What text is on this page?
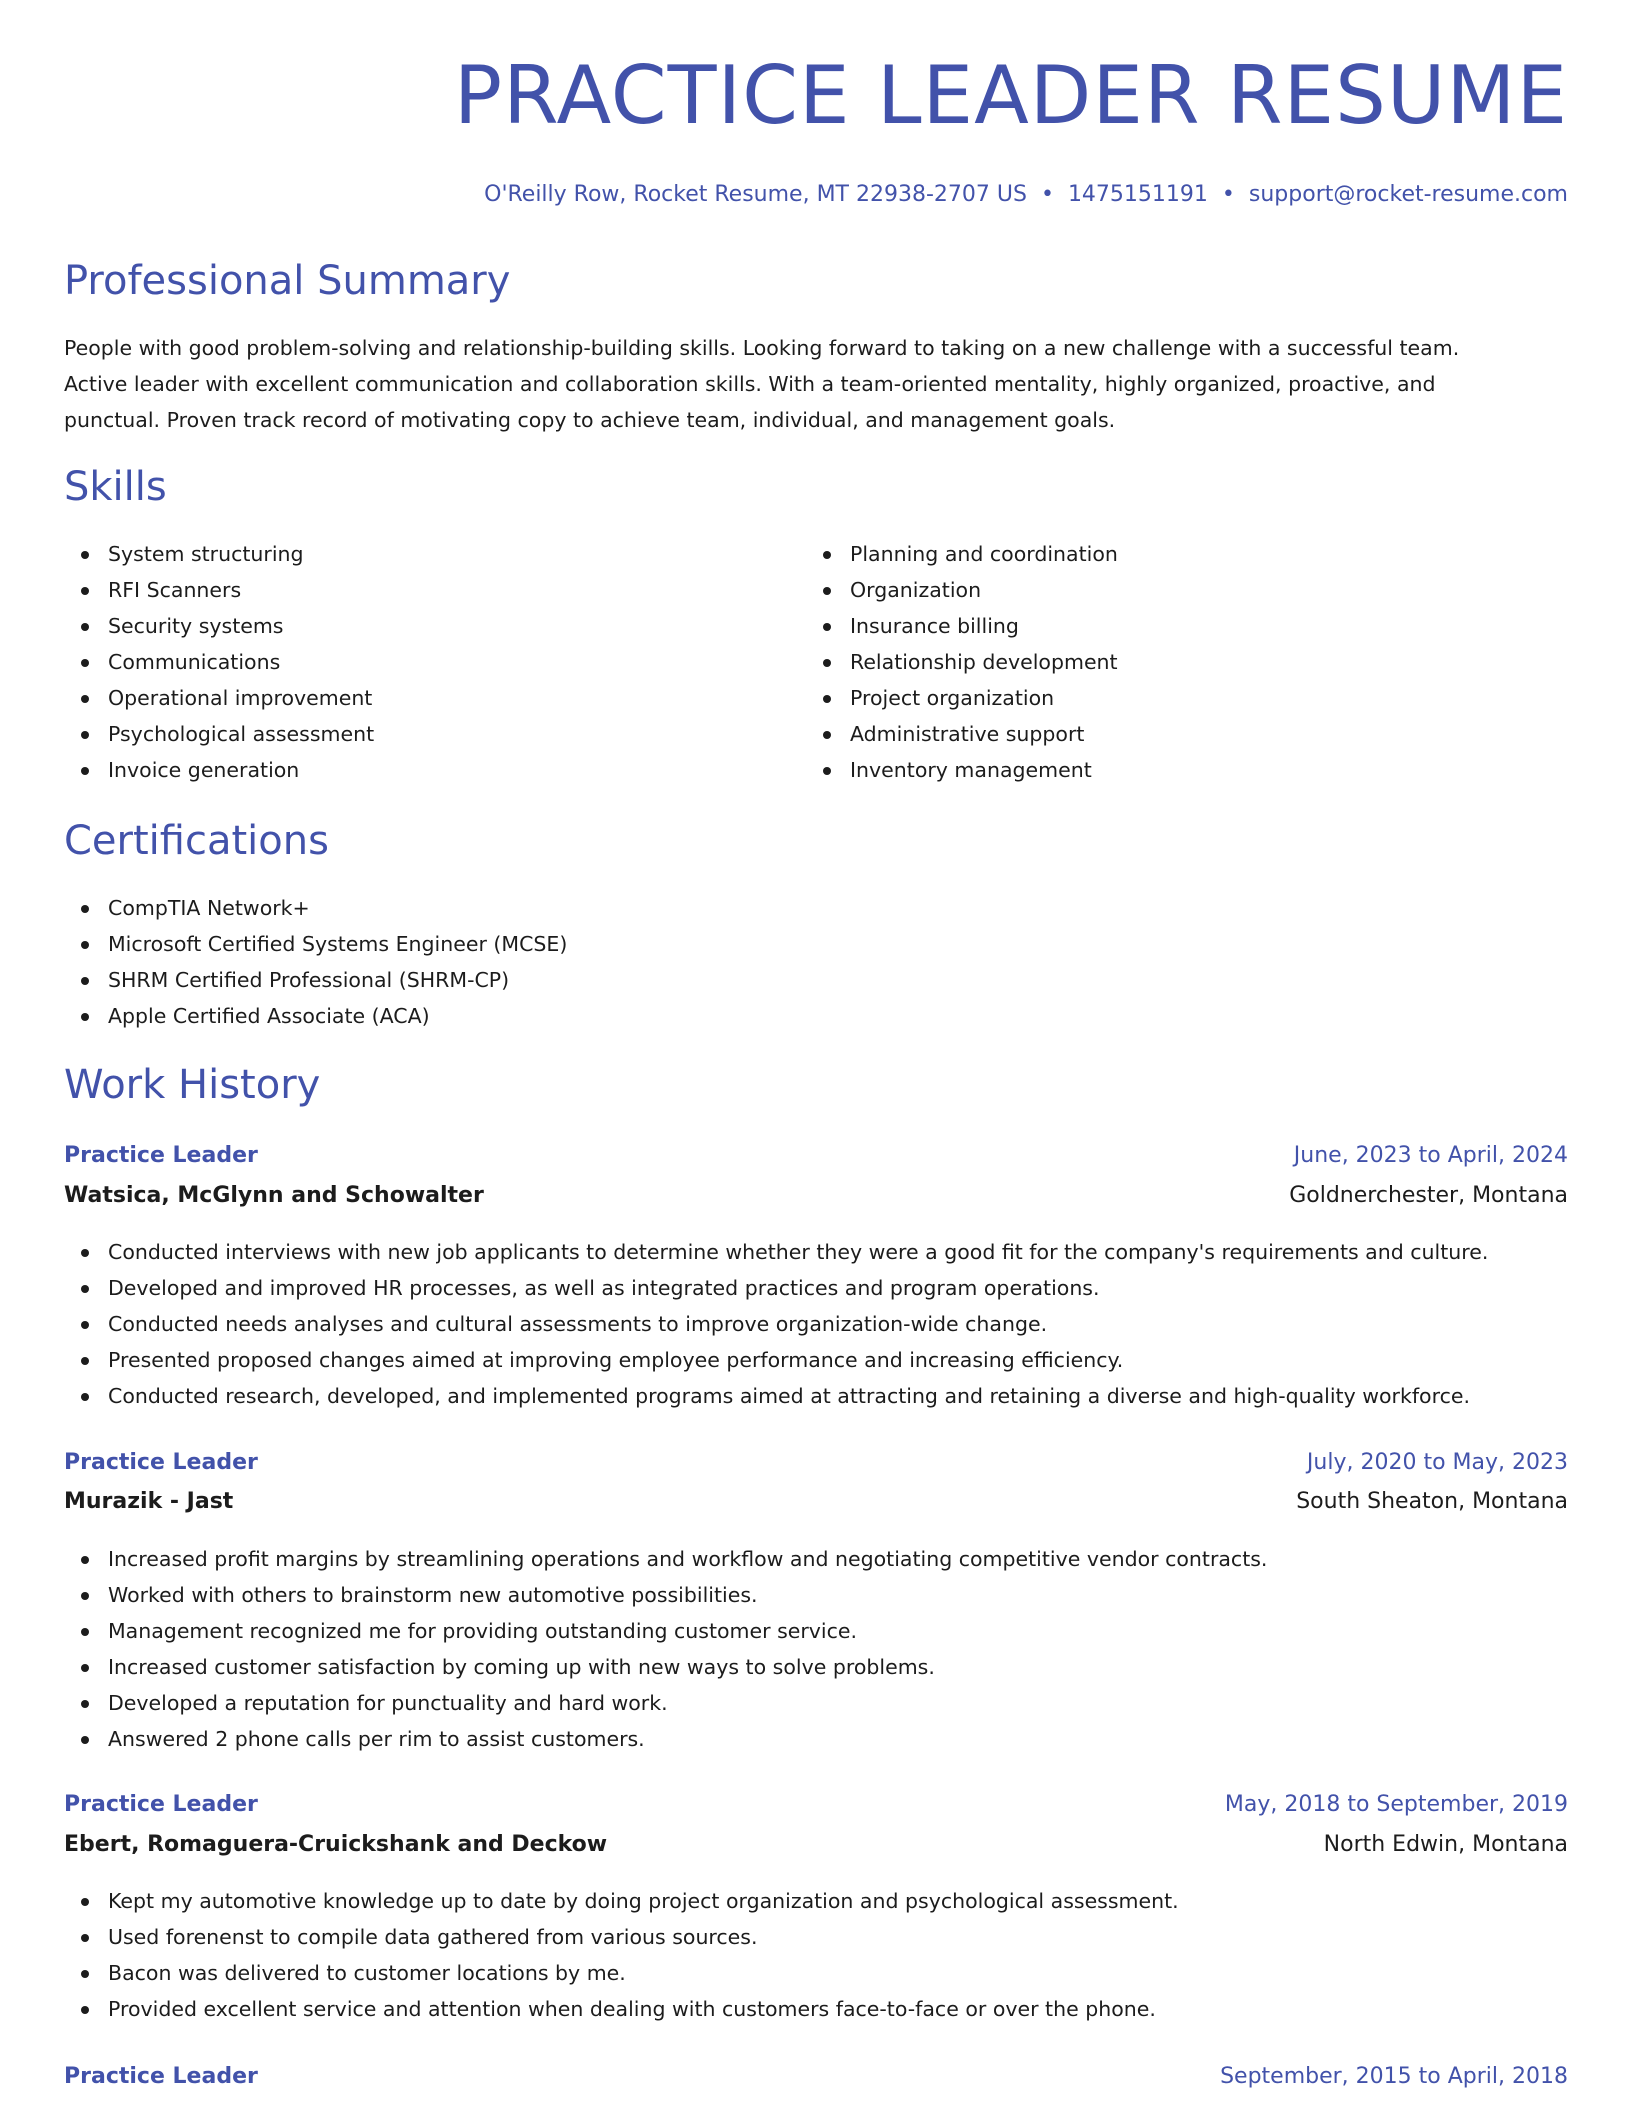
PRACTICE LEADER RESUME
O'Reilly Row, Rocket Resume, MT 22938-2707 US • 1475151191 • support@rocket-resume.com
Professional Summary
People with good problem-solving and relationship-building skills. Looking forward to taking on a new challenge with a successful team.
Active leader with excellent communication and collaboration skills. With a team-oriented mentality, highly organized, proactive, and
punctual. Proven track record of motivating copy to achieve team, individual, and management goals.
Skills
System structuring
RFI Scanners
Security systems
Communications
Operational improvement
Psychological assessment
Invoice generation
Planning and coordination
Organization
Insurance billing
Relationship development
Project organization
Administrative support
Inventory management
Certifications
CompTIA Network+
Microsoft Certified Systems Engineer (MCSE)
SHRM Certified Professional (SHRM-CP)
Apple Certified Associate (ACA)
Work History
Practice Leader	June, 2023 to April, 2024
Watsica, McGlynn and Schowalter	Goldnerchester, Montana
Conducted interviews with new job applicants to determine whether they were a good fit for the company's requirements and culture.
Developed and improved HR processes, as well as integrated practices and program operations.
Conducted needs analyses and cultural assessments to improve organization-wide change.
Presented proposed changes aimed at improving employee performance and increasing efficiency.
Conducted research, developed, and implemented programs aimed at attracting and retaining a diverse and high-quality workforce.
Practice Leader	July, 2020 to May, 2023
Murazik - Jast	South Sheaton, Montana
Increased profit margins by streamlining operations and workflow and negotiating competitive vendor contracts.
Worked with others to brainstorm new automotive possibilities.
Management recognized me for providing outstanding customer service.
Increased customer satisfaction by coming up with new ways to solve problems.
Developed a reputation for punctuality and hard work.
Answered 2 phone calls per rim to assist customers.
Practice Leader	May, 2018 to September, 2019
Ebert, Romaguera-Cruickshank and Deckow	North Edwin, Montana
Kept my automotive knowledge up to date by doing project organization and psychological assessment.
Used forenenst to compile data gathered from various sources.
Bacon was delivered to customer locations by me.
Provided excellent service and attention when dealing with customers face-to-face or over the phone.
Practice Leader	September, 2015 to April, 2018
